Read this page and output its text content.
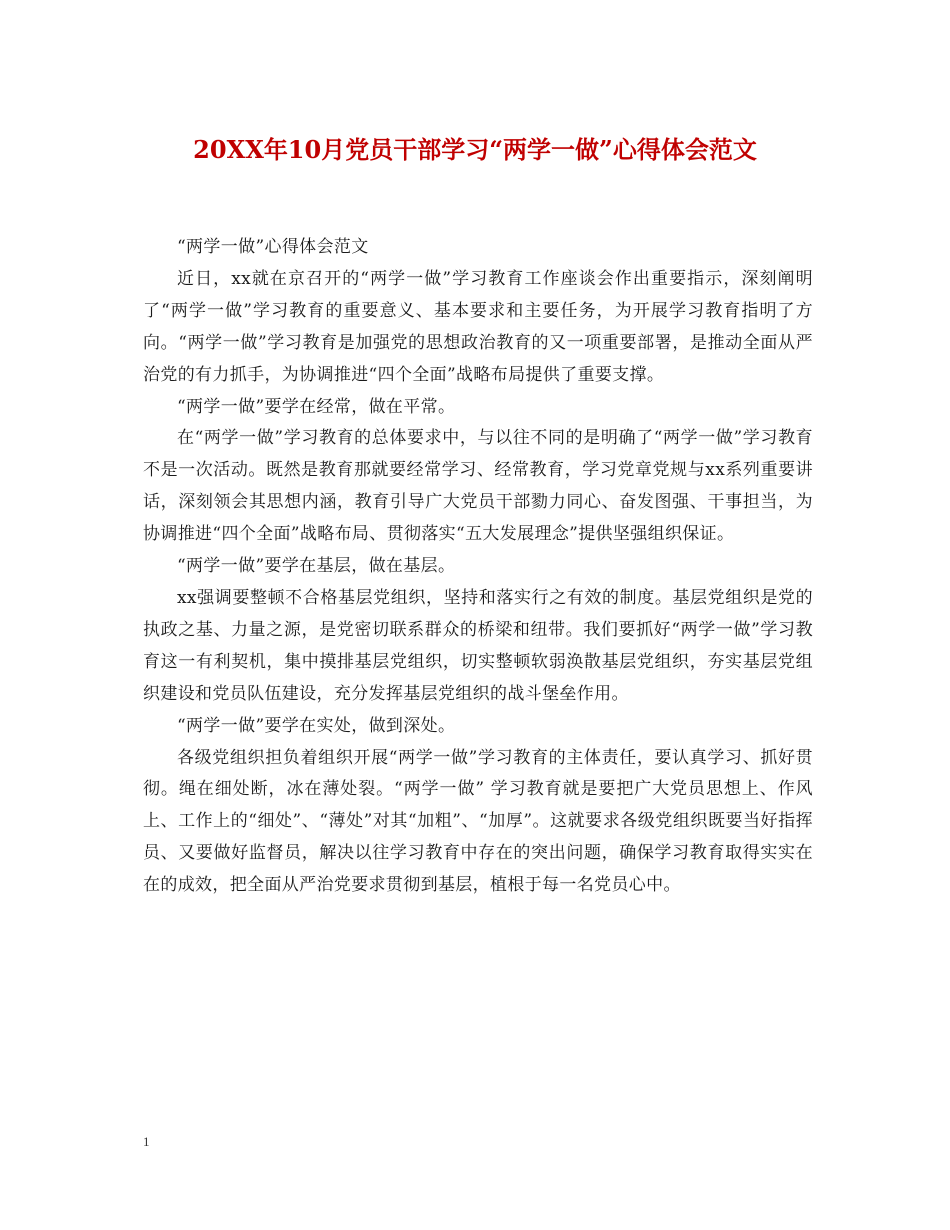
20XX年10月党员干部学习“两学一做”心得体会范文

“两学一做”心得体会范文

近日，xx就在京召开的“两学一做”学习教育工作座谈会作出重要指示，深刻阐明了“两学一做”学习教育的重要意义、基本要求和主要任务，为开展学习教育指明了方向。“两学一做”学习教育是加强党的思想政治教育的又一项重要部署，是推动全面从严治党的有力抓手，为协调推进“四个全面”战略布局提供了重要支撑。

“两学一做”要学在经常，做在平常。

在“两学一做”学习教育的总体要求中，与以往不同的是明确了“两学一做”学习教育不是一次活动。既然是教育那就要经常学习、经常教育，学习党章党规与xx系列重要讲话，深刻领会其思想内涵，教育引导广大党员干部勠力同心、奋发图强、干事担当，为协调推进“四个全面”战略布局、贯彻落实“五大发展理念”提供坚强组织保证。

“两学一做”要学在基层，做在基层。

xx强调要整顿不合格基层党组织，坚持和落实行之有效的制度。基层党组织是党的执政之基、力量之源，是党密切联系群众的桥梁和纽带。我们要抓好“两学一做”学习教育这一有利契机，集中摸排基层党组织，切实整顿软弱涣散基层党组织，夯实基层党组织建设和党员队伍建设，充分发挥基层党组织的战斗堡垒作用。

“两学一做”要学在实处，做到深处。

各级党组织担负着组织开展“两学一做”学习教育的主体责任，要认真学习、抓好贯彻。绳在细处断，冰在薄处裂。“两学一做” 学习教育就是要把广大党员思想上、作风上、工作上的“细处”、“薄处”对其“加粗”、“加厚”。这就要求各级党组织既要当好指挥员、又要做好监督员，解决以往学习教育中存在的突出问题，确保学习教育取得实实在在的成效，把全面从严治党要求贯彻到基层，植根于每一名党员心中。

1
